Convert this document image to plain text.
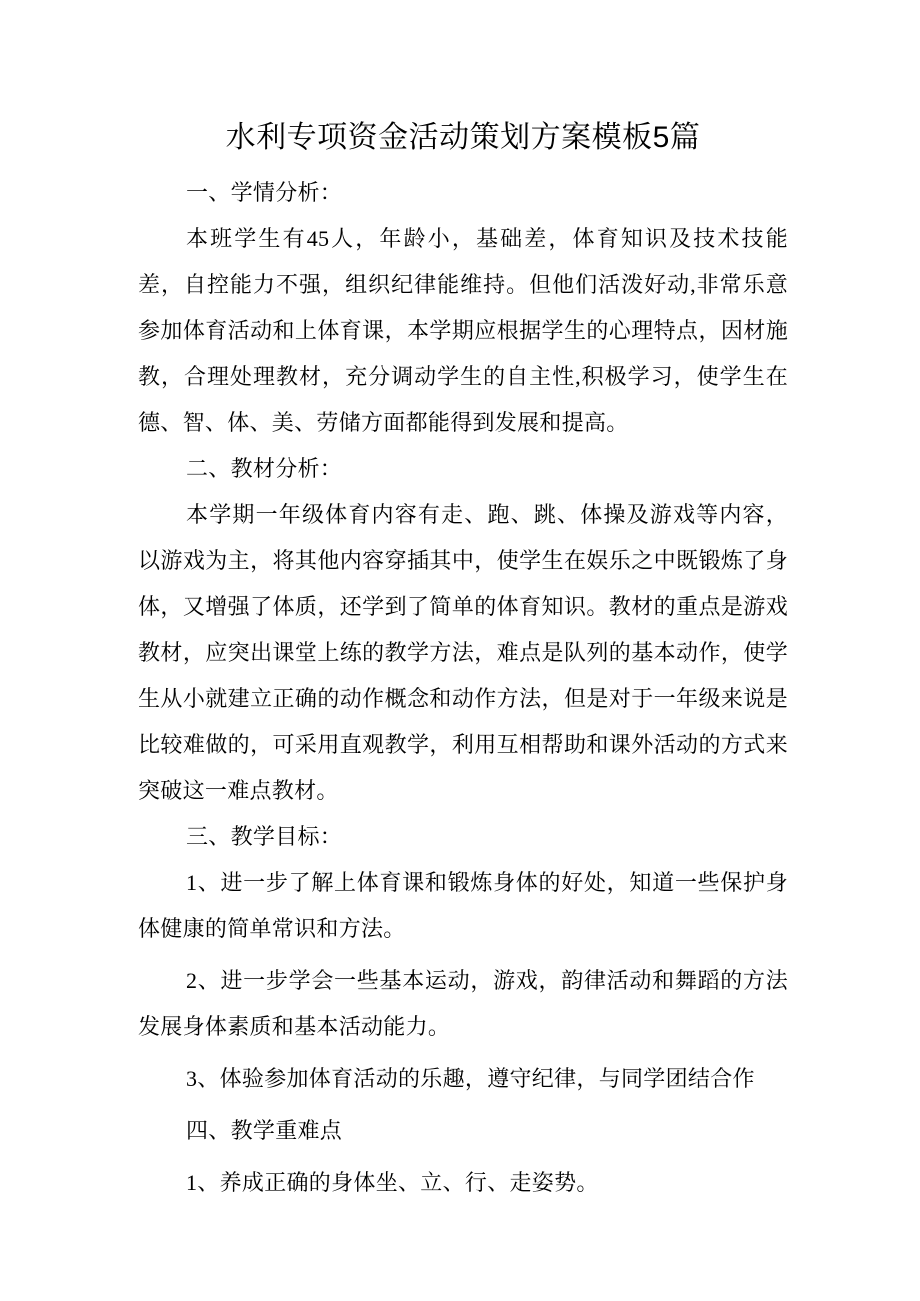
水利专项资金活动策划方案模板5篇

一、学情分析：

本班学生有45人，年龄小，基础差，体育知识及技术技能差，自控能力不强，组织纪律能维持。但他们活泼好动,非常乐意参加体育活动和上体育课，本学期应根据学生的心理特点，因材施教，合理处理教材，充分调动学生的自主性,积极学习，使学生在德、智、体、美、劳储方面都能得到发展和提高。

二、教材分析：

本学期一年级体育内容有走、跑、跳、体操及游戏等内容，以游戏为主，将其他内容穿插其中，使学生在娱乐之中既锻炼了身体，又增强了体质，还学到了简单的体育知识。教材的重点是游戏教材，应突出课堂上练的教学方法，难点是队列的基本动作，使学生从小就建立正确的动作概念和动作方法，但是对于一年级来说是比较难做的，可采用直观教学，利用互相帮助和课外活动的方式来突破这一难点教材。

三、教学目标：

1、进一步了解上体育课和锻炼身体的好处，知道一些保护身体健康的简单常识和方法。

2、进一步学会一些基本运动，游戏，韵律活动和舞蹈的方法发展身体素质和基本活动能力。

3、体验参加体育活动的乐趣，遵守纪律，与同学团结合作

四、教学重难点

1、养成正确的身体坐、立、行、走姿势。
